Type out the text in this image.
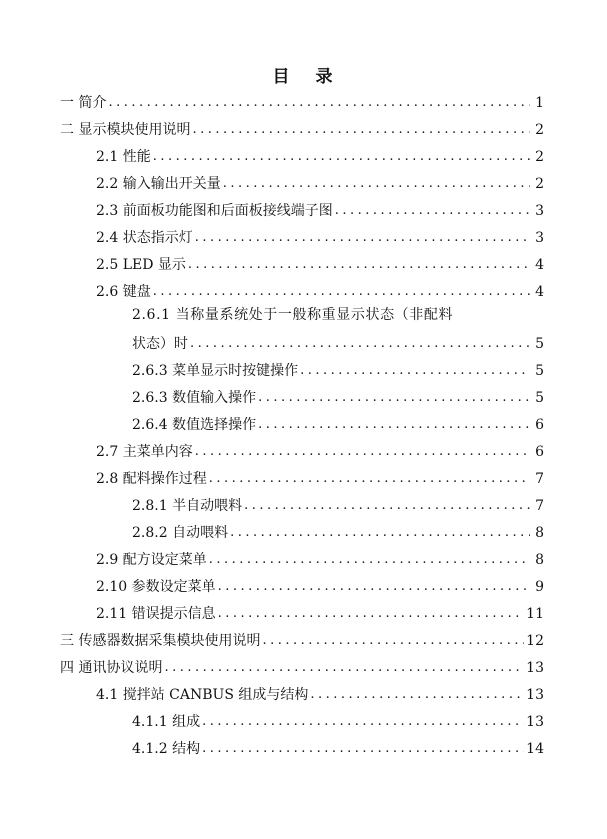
目 录
一 简介 .....	1
二 显示模块使用说明 .....	2
2.1 性能 .....	2
2.2 输入输出开关量 .....	2
2.3 前面板功能图和后面板接线端子图 .....	3
2.4 状态指示灯 .....	3
2.5 LED 显示 .....	4
2.6 键盘 .....	4
2.6.1 当称量系统处于一般称重显示状态（非配料
状态）时 .....	5
2.6.3 菜单显示时按键操作 .....	5
2.6.3 数值输入操作 .....	5
2.6.4 数值选择操作 .....	6
2.7 主菜单内容 .....	6
2.8 配料操作过程 .....	7
2.8.1 半自动喂料 .....	7
2.8.2 自动喂料 .....	8
2.9 配方设定菜单 .....	8
2.10 参数设定菜单 .....	9
2.11 错误提示信息 .....	11
三 传感器数据采集模块使用说明 .....	12
四 通讯协议说明 .....	13
4.1 搅拌站 CANBUS 组成与结构 .....	13
4.1.1 组成 .....	13
4.1.2 结构 .....	14
